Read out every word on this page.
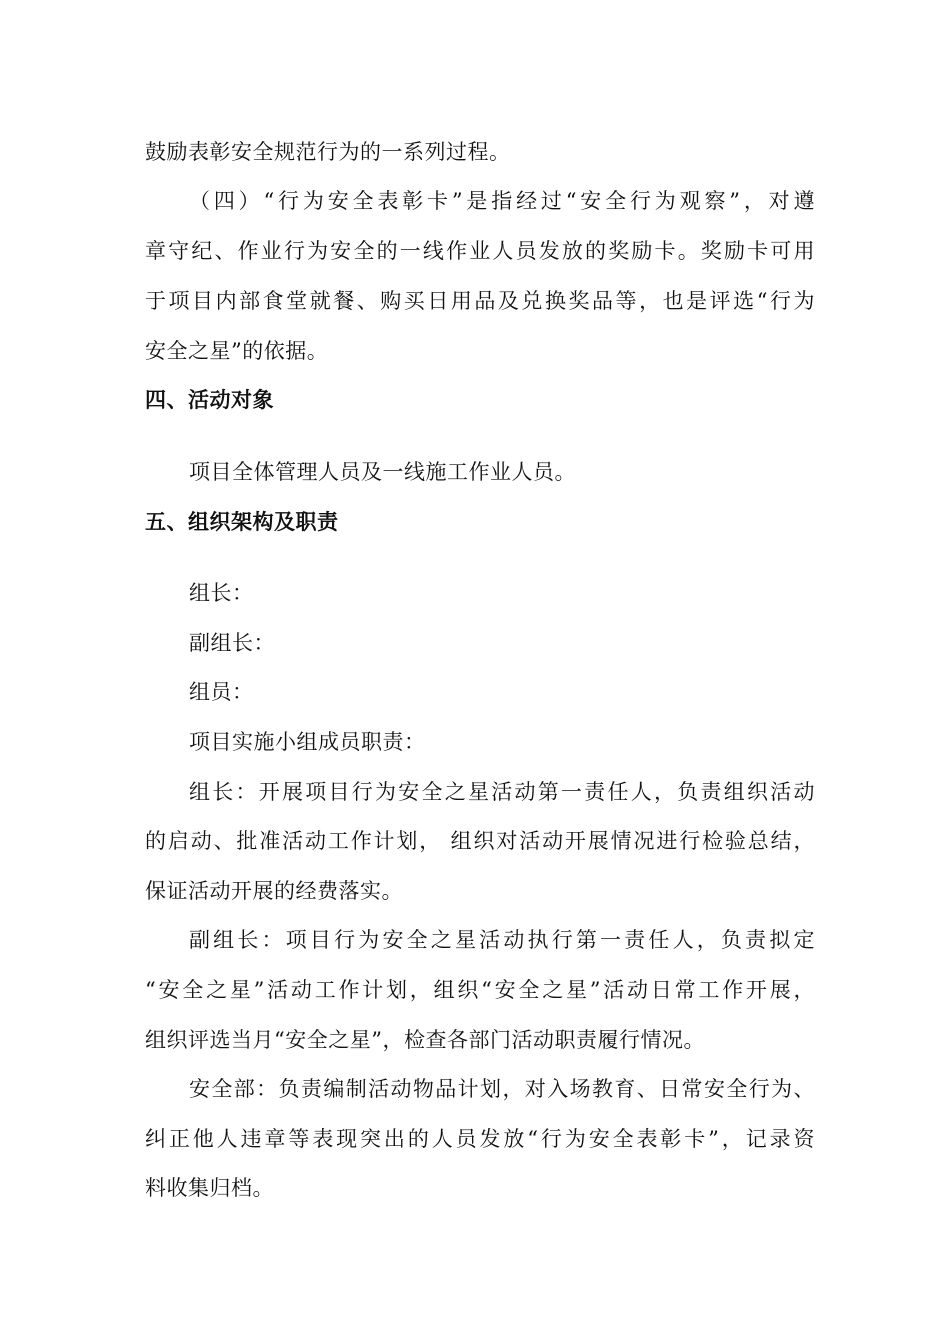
鼓励表彰安全规范行为的一系列过程。
（四）“行为安全表彰卡”是指经过“安全行为观察”，对遵
章守纪、作业行为安全的一线作业人员发放的奖励卡。奖励卡可用
于项目内部食堂就餐、购买日用品及兑换奖品等，也是评选“行为
安全之星”的依据。
四、活动对象
项目全体管理人员及一线施工作业人员。
五、组织架构及职责
组长：
副组长：
组员：
项目实施小组成员职责：
组长：开展项目行为安全之星活动第一责任人，负责组织活动
的启动、批准活动工作计划， 组织对活动开展情况进行检验总结，
保证活动开展的经费落实。
副组长：项目行为安全之星活动执行第一责任人，负责拟定
“安全之星”活动工作计划，组织“安全之星”活动日常工作开展，
组织评选当月“安全之星”，检查各部门活动职责履行情况。
安全部：负责编制活动物品计划，对入场教育、日常安全行为、
纠正他人违章等表现突出的人员发放“行为安全表彰卡”，记录资
料收集归档。
